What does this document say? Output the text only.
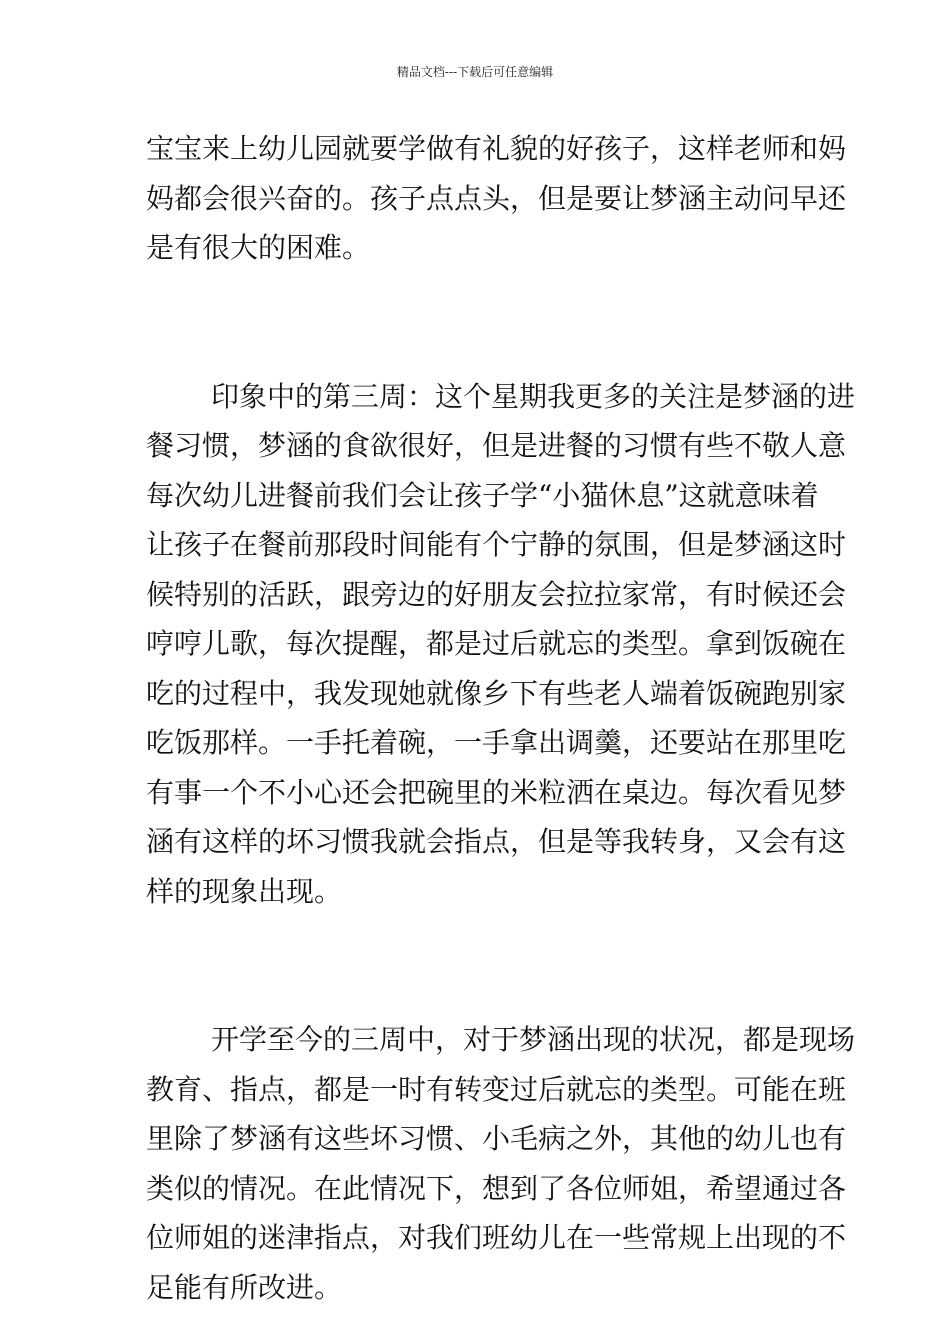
精品文档---下载后可任意编辑
宝宝来上幼儿园就要学做有礼貌的好孩子，这样老师和妈
妈都会很兴奋的。孩子点点头，但是要让梦涵主动问早还
是有很大的困难。
印象中的第三周：这个星期我更多的关注是梦涵的进
餐习惯，梦涵的食欲很好，但是进餐的习惯有些不敬人意
每次幼儿进餐前我们会让孩子学“小猫休息”这就意味着
让孩子在餐前那段时间能有个宁静的氛围，但是梦涵这时
候特别的活跃，跟旁边的好朋友会拉拉家常，有时候还会
哼哼儿歌，每次提醒，都是过后就忘的类型。拿到饭碗在
吃的过程中，我发现她就像乡下有些老人端着饭碗跑别家
吃饭那样。一手托着碗，一手拿出调羹，还要站在那里吃
有事一个不小心还会把碗里的米粒洒在桌边。每次看见梦
涵有这样的坏习惯我就会指点，但是等我转身，又会有这
样的现象出现。
开学至今的三周中，对于梦涵出现的状况，都是现场
教育、指点，都是一时有转变过后就忘的类型。可能在班
里除了梦涵有这些坏习惯、小毛病之外，其他的幼儿也有
类似的情况。在此情况下，想到了各位师姐，希望通过各
位师姐的迷津指点，对我们班幼儿在一些常规上出现的不
足能有所改进。
